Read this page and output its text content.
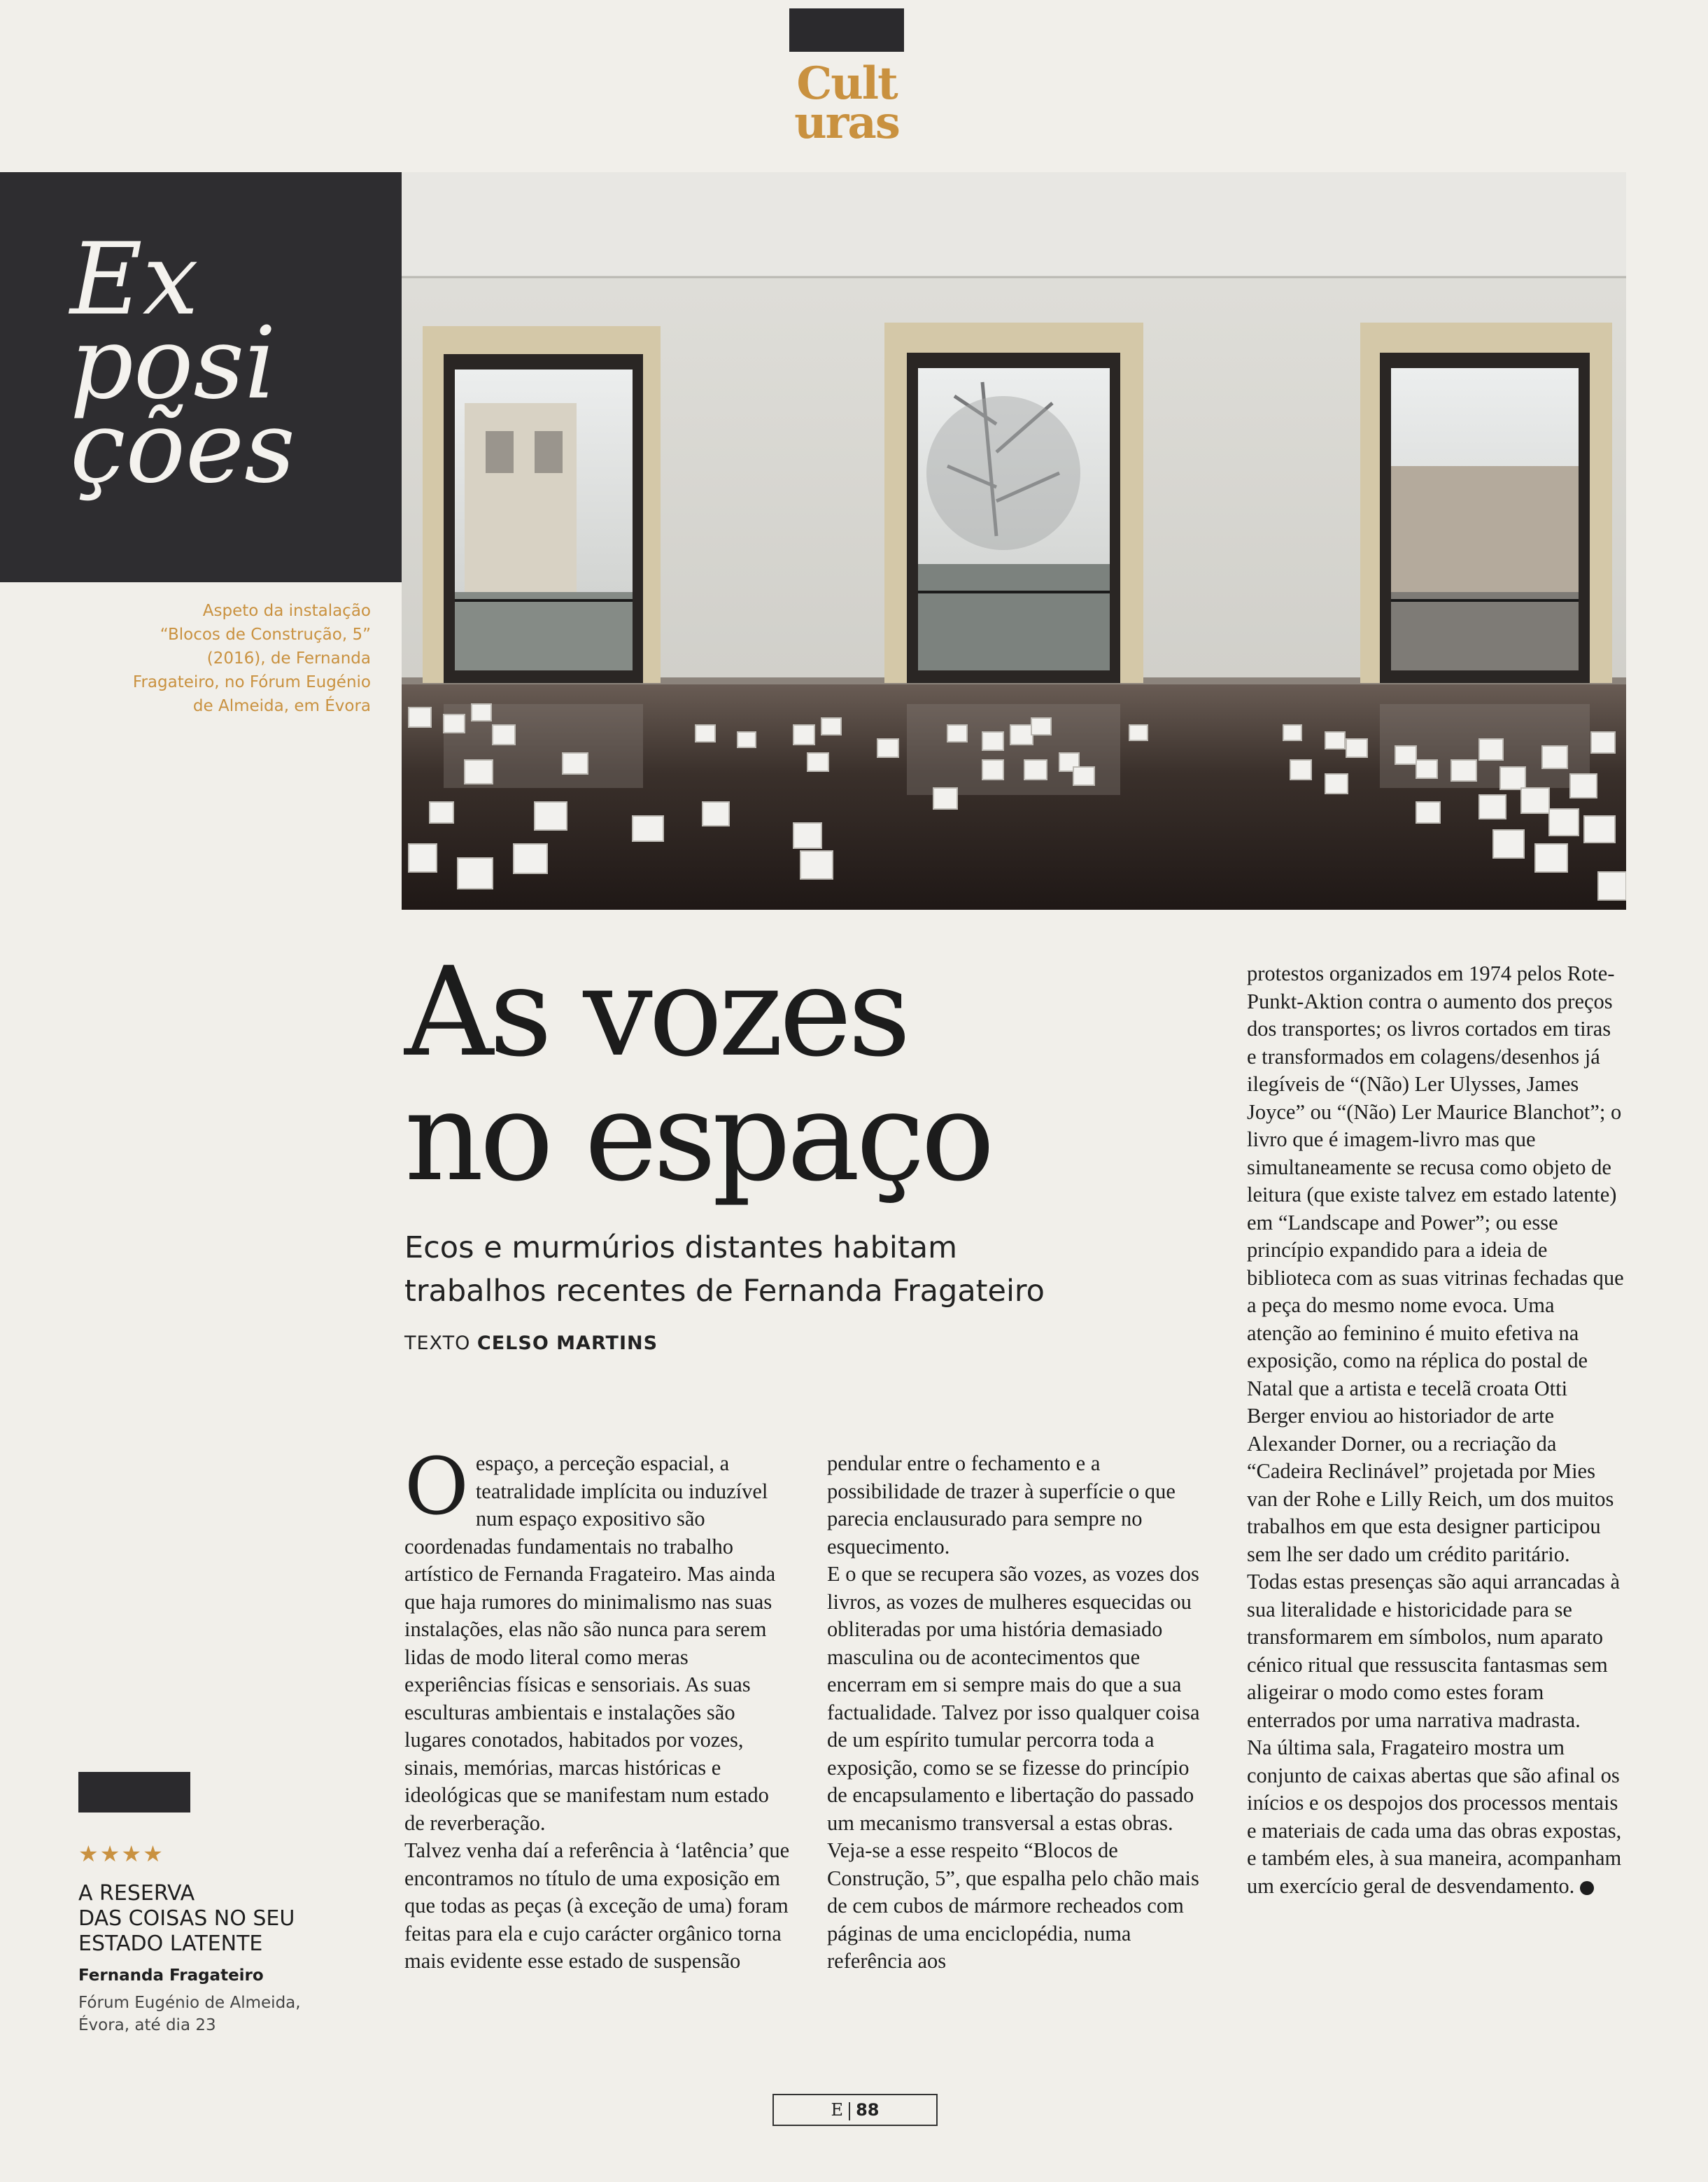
Cult
uras
Ex
posi
ções
Aspeto da instalação
“Blocos de Construção, 5”
(2016), de Fernanda
Fragateiro, no Fórum Eugénio
de Almeida, em Évora
As vozes
no espaço
Ecos e murmúrios distantes habitam
trabalhos recentes de Fernanda Fragateiro
TEXTO CELSO MARTINS
O espaço, a perceção espacial, a teatralidade implícita ou induzível num espaço expositivo são coordenadas fundamentais no trabalho artístico de Fernanda Fragateiro. Mas ainda que haja rumores do minimalismo nas suas instalações, elas não são nunca para serem lidas de modo literal como meras experiências físicas e sensoriais. As suas esculturas ambientais e instalações são lugares conotados, habitados por vozes, sinais, memórias, marcas históricas e ideológicas que se manifestam num estado de reverberação.

Talvez venha daí a referência à ‘latência’ que encontramos no título de uma exposição em que todas as peças (à exceção de uma) foram feitas para ela e cujo carácter orgânico torna mais evidente esse estado de suspensão

pendular entre o fechamento e a possibilidade de trazer à superfície o que parecia enclausurado para sempre no esquecimento.

E o que se recupera são vozes, as vozes dos livros, as vozes de mulheres esquecidas ou obliteradas por uma história demasiado masculina ou de acontecimentos que encerram em si sempre mais do que a sua factualidade. Talvez por isso qualquer coisa de um espírito tumular percorra toda a exposição, como se se fizesse do princípio de encapsulamento e libertação do passado um mecanismo transversal a estas obras.

Veja-se a esse respeito “Blocos de Construção, 5”, que espalha pelo chão mais de cem cubos de mármore recheados com páginas de uma enciclopédia, numa referência aos

protestos organizados em 1974 pelos Rote-Punkt-Aktion contra o aumento dos preços dos transportes; os livros cortados em tiras e transformados em colagens/desenhos já ilegíveis de “(Não) Ler Ulysses, James Joyce” ou “(Não) Ler Maurice Blanchot”; o livro que é imagem-livro mas que simultaneamente se recusa como objeto de leitura (que existe talvez em estado latente) em “Landscape and Power”; ou esse princípio expandido para a ideia de biblioteca com as suas vitrinas fechadas que a peça do mesmo nome evoca. Uma atenção ao feminino é muito efetiva na exposição, como na réplica do postal de Natal que a artista e tecelã croata Otti Berger enviou ao historiador de arte Alexander Dorner, ou a recriação da “Cadeira Reclinável” projetada por Mies van der Rohe e Lilly Reich, um dos muitos trabalhos em que esta designer participou sem lhe ser dado um crédito paritário.

Todas estas presenças são aqui arrancadas à sua literalidade e historicidade para se transformarem em símbolos, num aparato cénico ritual que ressuscita fantasmas sem aligeirar o modo como estes foram enterrados por uma narrativa madrasta.

Na última sala, Fragateiro mostra um conjunto de caixas abertas que são afinal os inícios e os despojos dos processos mentais e materiais de cada uma das obras expostas, e também eles, à sua maneira, acompanham um exercício geral de desvendamento.

★★★★
A RESERVA
DAS COISAS NO SEU
ESTADO LATENTE
Fernanda Fragateiro
Fórum Eugénio de Almeida,
Évora, até dia 23
E 88
